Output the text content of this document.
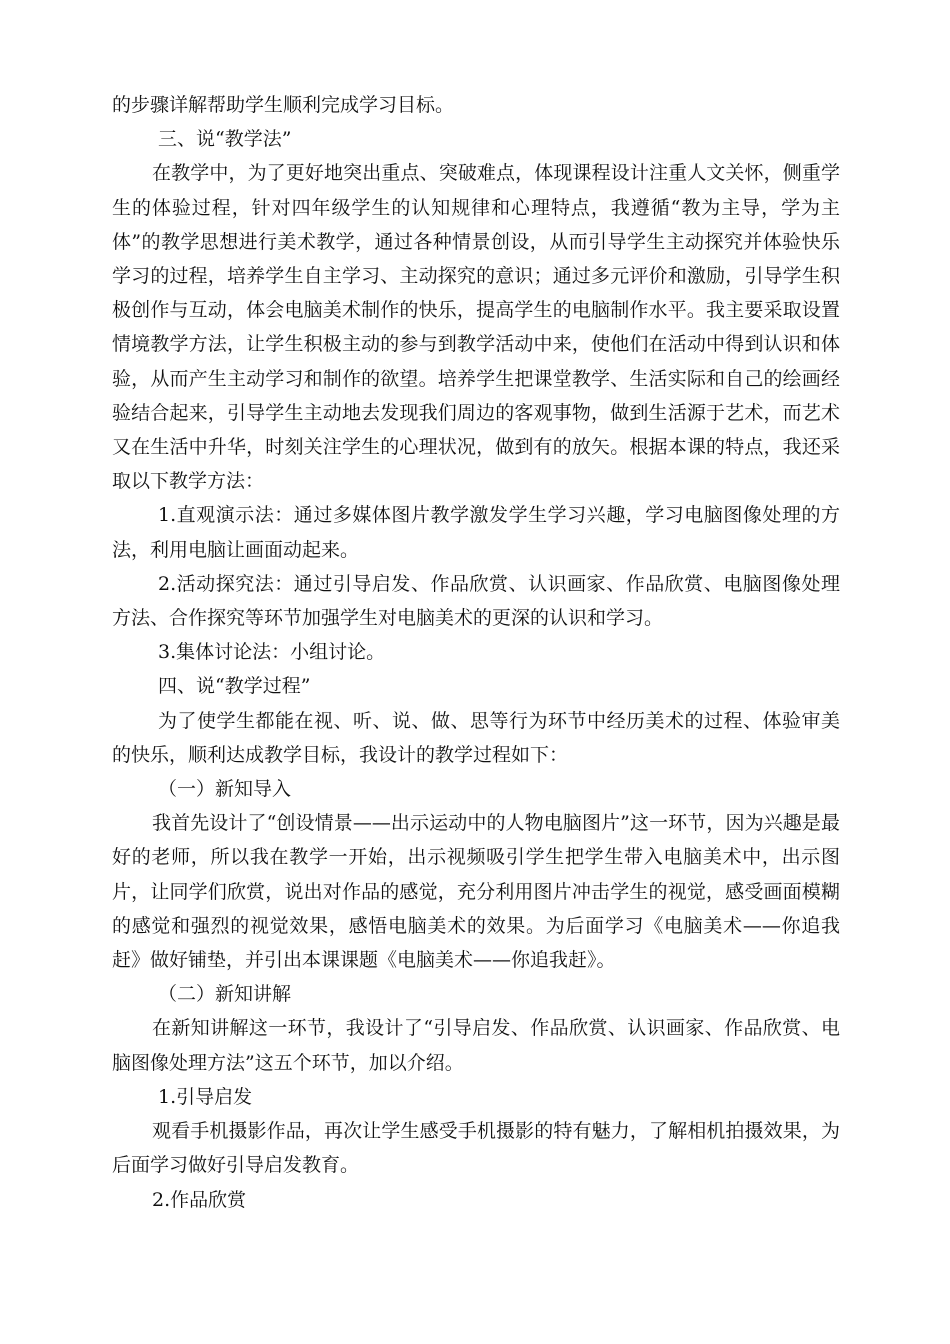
的步骤详解帮助学生顺利完成学习目标。

三、说“教学法”

在教学中，为了更好地突出重点、突破难点，体现课程设计注重人文关怀，侧重学生的体验过程，针对四年级学生的认知规律和心理特点，我遵循“教为主导，学为主体”的教学思想进行美术教学，通过各种情景创设，从而引导学生主动探究并体验快乐学习的过程，培养学生自主学习、主动探究的意识；通过多元评价和激励，引导学生积极创作与互动，体会电脑美术制作的快乐，提高学生的电脑制作水平。我主要采取设置情境教学方法，让学生积极主动的参与到教学活动中来，使他们在活动中得到认识和体验，从而产生主动学习和制作的欲望。培养学生把课堂教学、生活实际和自己的绘画经验结合起来，引导学生主动地去发现我们周边的客观事物，做到生活源于艺术，而艺术又在生活中升华，时刻关注学生的心理状况，做到有的放矢。根据本课的特点，我还采取以下教学方法：

1.直观演示法：通过多媒体图片教学激发学生学习兴趣，学习电脑图像处理的方法，利用电脑让画面动起来。

2.活动探究法：通过引导启发、作品欣赏、认识画家、作品欣赏、电脑图像处理方法、合作探究等环节加强学生对电脑美术的更深的认识和学习。

3.集体讨论法：小组讨论。

四、说“教学过程”

为了使学生都能在视、听、说、做、思等行为环节中经历美术的过程、体验审美的快乐，顺利达成教学目标，我设计的教学过程如下：

（一）新知导入

我首先设计了“创设情景——出示运动中的人物电脑图片”这一环节，因为兴趣是最好的老师，所以我在教学一开始，出示视频吸引学生把学生带入电脑美术中，出示图片，让同学们欣赏，说出对作品的感觉，充分利用图片冲击学生的视觉，感受画面模糊的感觉和强烈的视觉效果，感悟电脑美术的效果。为后面学习《电脑美术——你追我赶》做好铺垫，并引出本课课题《电脑美术——你追我赶》。

（二）新知讲解

在新知讲解这一环节，我设计了“引导启发、作品欣赏、认识画家、作品欣赏、电脑图像处理方法”这五个环节，加以介绍。

1.引导启发

观看手机摄影作品，再次让学生感受手机摄影的特有魅力，了解相机拍摄效果，为后面学习做好引导启发教育。

2.作品欣赏
